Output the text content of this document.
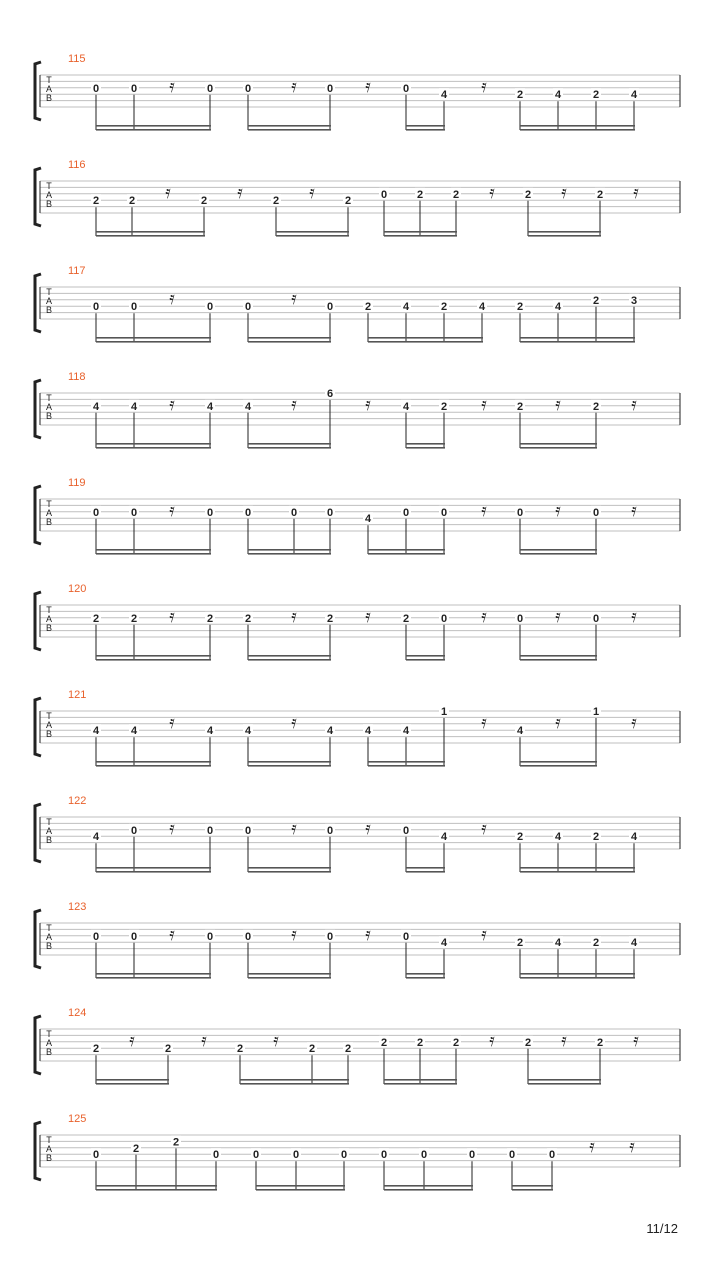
T
A
B
115
0	0 𝄿	0	0 𝄿	0 𝄿	0
4 𝄿	2	4	2	4
T
A
B
116
2	2 𝄿	2 𝄿	2 𝄿	2
0	2	2 𝄿	2 𝄿	2 𝄿
T
A
B
117
0	0 𝄿	0	0 𝄿	0	2	4	2	4	2	4
2	3
T
A
B
118
4	4 𝄿	4	4 𝄿	6 𝄿	4	2 𝄿	2 𝄿	2 𝄿
T
A
B
119
0	0 𝄿	0	0	0	0
4
0	0 𝄿	0 𝄿	0 𝄿
T
A
B
120
2	2 𝄿	2	2 𝄿	2 𝄿	2	0 𝄿	0 𝄿	0 𝄿
T
A
B
121
4	4 𝄿	4	4 𝄿	4	4	4
1 𝄿	4 𝄿	1 𝄿
T
A
B
122
4
0 𝄿	0	0 𝄿	0 𝄿	0
4 𝄿	2	4	2	4
T
A
B
123
0	0 𝄿	0	0 𝄿	0 𝄿	0
4 𝄿	2	4	2	4
T
A
B
124
2 𝄿	2 𝄿	2 𝄿	2	2
2	2	2 𝄿	2 𝄿	2 𝄿
T
A
B
125
0
2
2
0	0	0	0	0	0	0	0	0 𝄿 𝄿
11/12
